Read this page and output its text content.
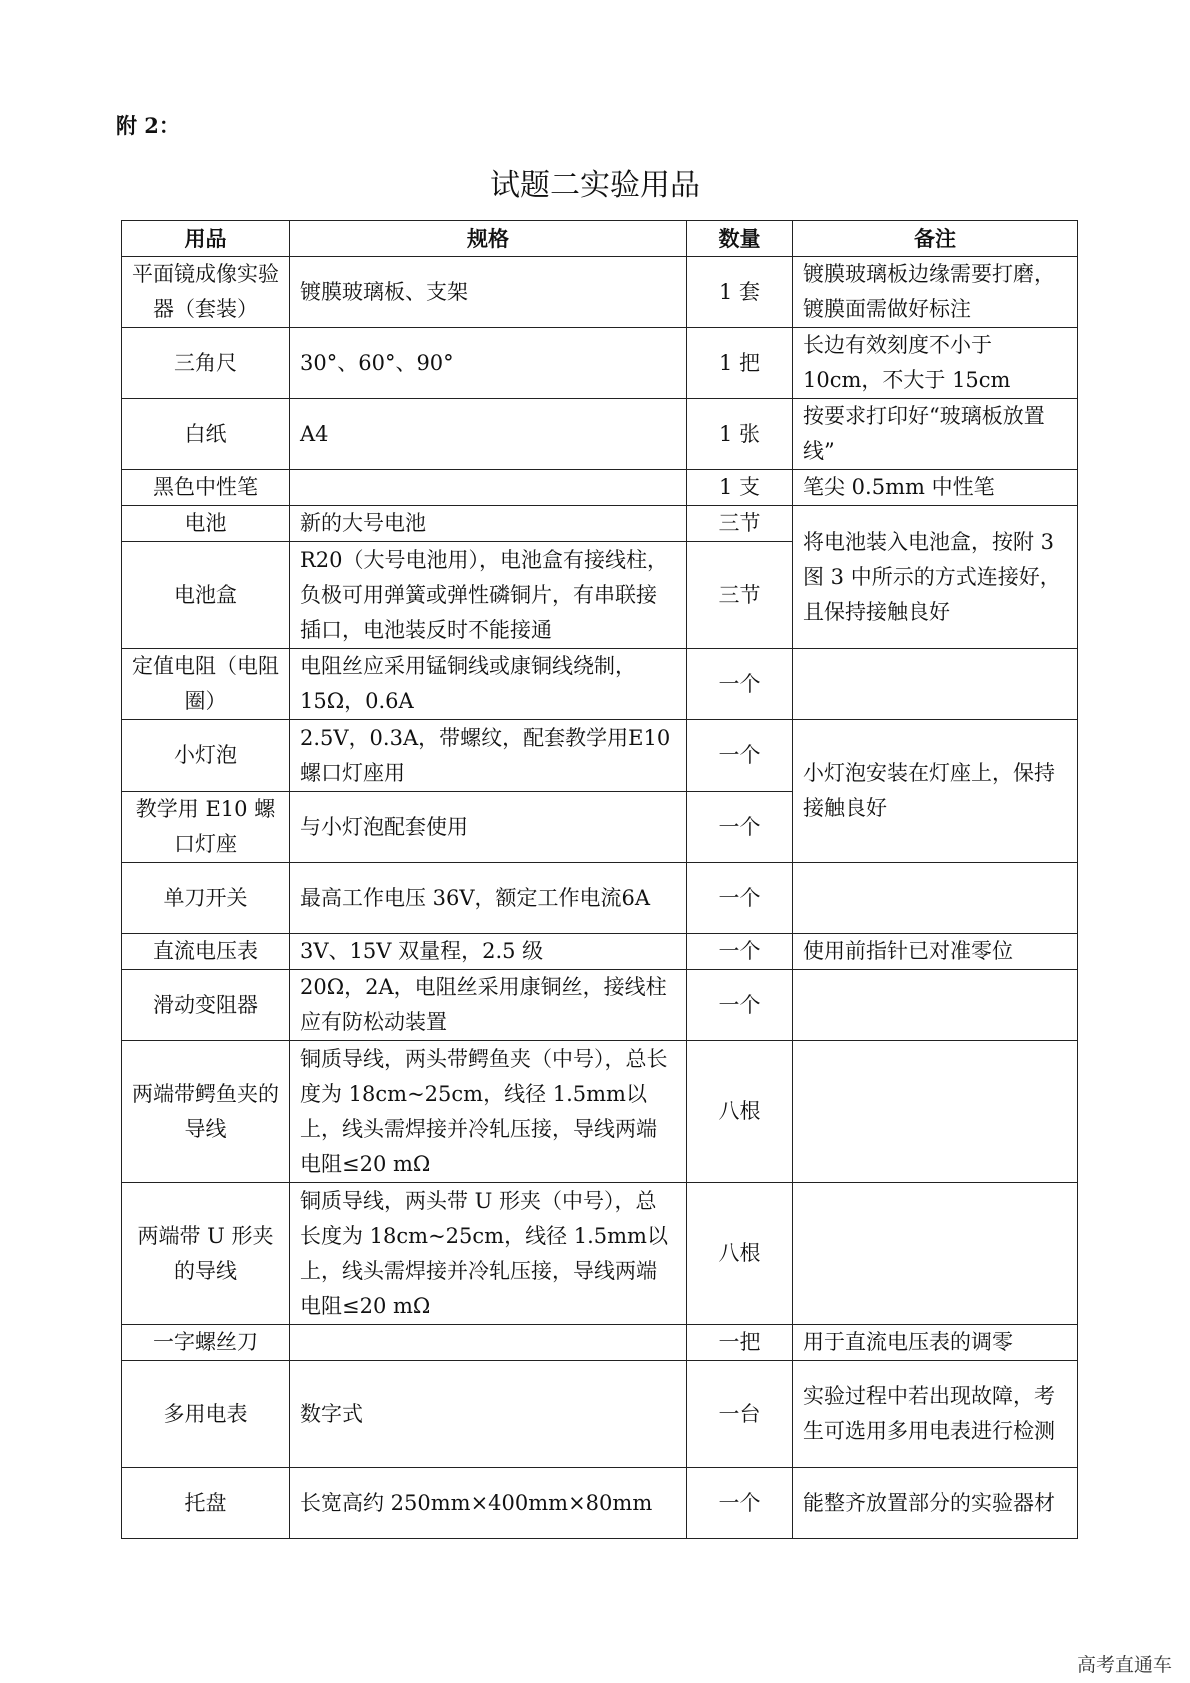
附 2：
试题二实验用品
用品	规格	数量	备注
平面镜成像实验器（套装）	镀膜玻璃板、支架	1 套	镀膜玻璃板边缘需要打磨，镀膜面需做好标注
三角尺	30°、60°、90°	1 把	长边有效刻度不小于10cm，不大于 15cm
白纸	A4	1 张	按要求打印好“玻璃板放置线”
黑色中性笔		1 支	笔尖 0.5mm 中性笔
电池	新的大号电池	三节	将电池装入电池盒，按附 3 图 3 中所示的方式连接好，且保持接触良好
电池盒	R20（大号电池用），电池盒有接线柱，负极可用弹簧或弹性磷铜片，有串联接插口，电池装反时不能接通	三节	
定值电阻（电阻圈）	电阻丝应采用锰铜线或康铜线绕制，15Ω，0.6A	一个	
小灯泡	2.5V，0.3A，带螺纹，配套教学用E10 螺口灯座用	一个	小灯泡安装在灯座上，保持接触良好
教学用 E10 螺口灯座	与小灯泡配套使用	一个	
单刀开关	最高工作电压 36V，额定工作电流6A	一个	
直流电压表	3V、15V 双量程，2.5 级	一个	使用前指针已对准零位
滑动变阻器	20Ω，2A，电阻丝采用康铜丝，接线柱应有防松动装置	一个	
两端带鳄鱼夹的导线	铜质导线，两头带鳄鱼夹（中号），总长度为 18cm~25cm，线径 1.5mm以上，线头需焊接并冷轧压接，导线两端电阻≤20 mΩ	八根	
两端带 U 形夹的导线	铜质导线，两头带 U 形夹（中号），总长度为 18cm~25cm，线径 1.5mm以上，线头需焊接并冷轧压接，导线两端电阻≤20 mΩ	八根	
一字螺丝刀		一把	用于直流电压表的调零
多用电表	数字式	一台	实验过程中若出现故障，考生可选用多用电表进行检测
托盘	长宽高约 250mm×400mm×80mm	一个	能整齐放置部分的实验器材
高考直通车
